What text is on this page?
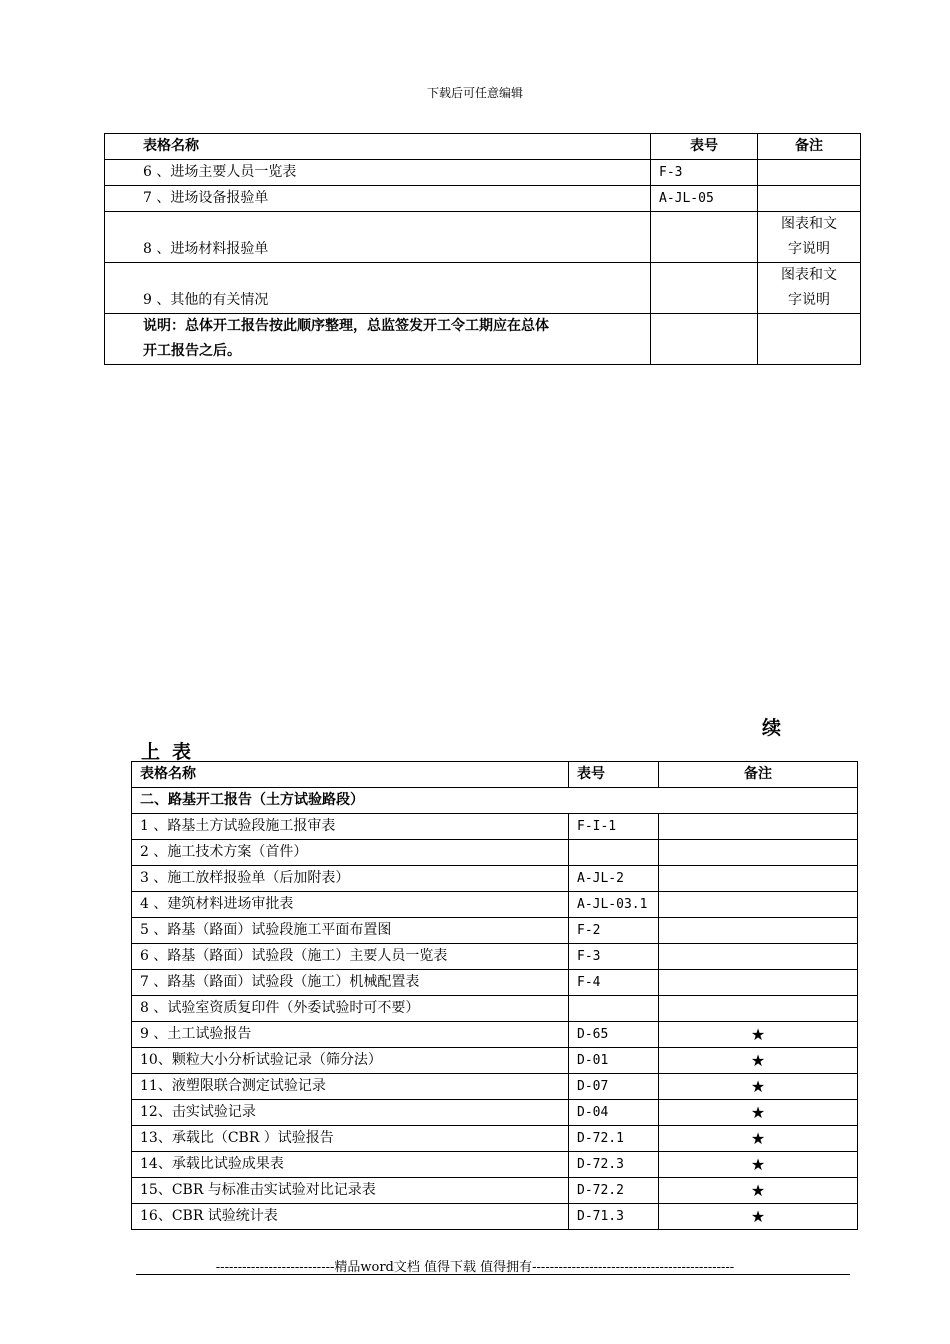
下载后可任意编辑
表格名称	表号	备注
6 、进场主要人员一览表	F-3	
7 、进场设备报验单	A-JL-05	
8 、进场材料报验单		图表和文
字说明

9 、其他的有关情况		图表和文
字说明

说明：总体开工报告按此顺序整理，总监签发开工令工期应在总体
开工报告之后。		

续
上表
表格名称	表号	备注
二、路基开工报告（土方试验路段）		
1 、路基土方试验段施工报审表	F-I-1	
2 、施工技术方案（首件）		
3 、施工放样报验单（后加附表）	A-JL-2	
4 、建筑材料进场审批表	A-JL-03.1	
5 、路基（路面）试验段施工平面布置图	F-2	
6 、路基（路面）试验段（施工）主要人员一览表	F-3	
7 、路基（路面）试验段（施工）机械配置表	F-4	
8 、试验室资质复印件（外委试验时可不要）		
9 、土工试验报告	D-65	★
10、颗粒大小分析试验记录（筛分法）	D-01	★
11、液塑限联合测定试验记录	D-07	★
12、击实试验记录	D-04	★
13、承载比（CBR ）试验报告	D-72.1	★
14、承载比试验成果表	D-72.3	★
15、CBR 与标准击实试验对比记录表	D-72.2	★
16、CBR 试验统计表	D-71.3	★
---------------------------精品word文档 值得下载 值得拥有----------------------------------------------
